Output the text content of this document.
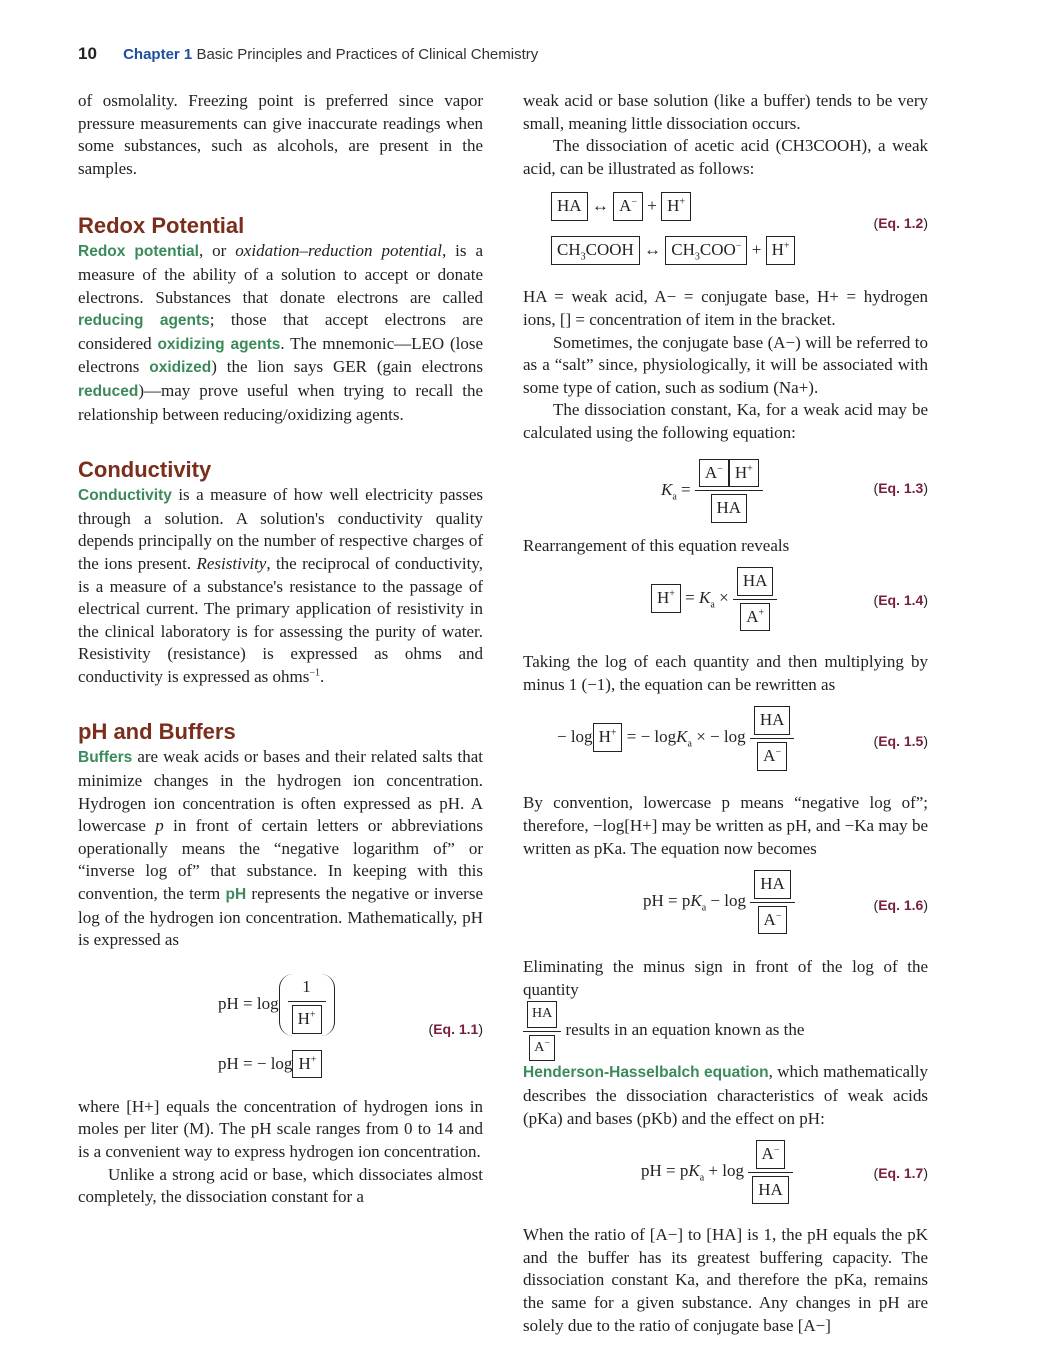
10 Chapter 1 Basic Principles and Practices of Clinical Chemistry

of osmolality. Freezing point is preferred since vapor pressure measurements can give inaccurate readings when some substances, such as alcohols, are present in the samples.

Redox Potential

Redox potential, or oxidation–reduction potential, is a measure of the ability of a solution to accept or donate electrons. Substances that donate electrons are called reducing agents; those that accept electrons are considered oxidizing agents. The mnemonic—LEO (lose electrons oxidized) the lion says GER (gain electrons reduced)—may prove useful when trying to recall the relationship between reducing/oxidizing agents.

Conductivity

Conductivity is a measure of how well electricity passes through a solution. A solution's conductivity quality depends principally on the number of respective charges of the ions present. Resistivity, the reciprocal of conductivity, is a measure of a substance's resistance to the passage of electrical current. The primary application of resistivity in the clinical laboratory is for assessing the purity of water. Resistivity (resistance) is expressed as ohms and conductivity is expressed as ohms$^{-1}$.

pH and Buffers

Buffers are weak acids or bases and their related salts that minimize changes in the hydrogen ion concentration. Hydrogen ion concentration is often expressed as pH. A lowercase p in front of certain letters or abbreviations operationally means the “negative logarithm of” or “inverse log of” that substance. In keeping with this convention, the term pH represents the negative or inverse log of the hydrogen ion concentration. Mathematically, pH is expressed as

pH = $\log \frac{1}{H^+}$
pH = − log H+
(Eq. 1.1)

where [H+] equals the concentration of hydrogen ions in moles per liter (M). The pH scale ranges from 0 to 14 and is a convenient way to express hydrogen ion concentration.

Unlike a strong acid or base, which dissociates almost completely, the dissociation constant for a

weak acid or base solution (like a buffer) tends to be very small, meaning little dissociation occurs.

The dissociation of acetic acid (CH3COOH), a weak acid, can be illustrated as follows:

HA ↔ A− + H+
$CH_3COOH$ ↔ $CH_3COO^- + H^+$
(Eq. 1.2)

HA = weak acid, A− = conjugate base, H+ = hydrogen ions, [] = concentration of item in the bracket.

Sometimes, the conjugate base (A−) will be referred to as a “salt” since, physiologically, it will be associated with some type of cation, such as sodium (Na+).

The dissociation constant, Ka, for a weak acid may be calculated using the following equation:

$K_a = \frac{A^- H^+}{HA}$	(Eq. 1.3)

Rearrangement of this equation reveals

$H^+ = K_a \times \frac{HA}{A^+}$	(Eq. 1.4)

Taking the log of each quantity and then multiplying by minus 1 (−1), the equation can be rewritten as

− log H+ = − logK$_a$ × − $\log \frac{HA}{A^-}$	(Eq. 1.5)

By convention, lowercase p means “negative log of”; therefore, −log[H+] may be written as pH, and −Ka may be written as pKa. The equation now becomes

pH = $pK_a - \log \frac{HA}{A^-}$	(Eq. 1.6)

Eliminating the minus sign in front of the log of the quantity

$\frac{HA}{A^-}$ results in an equation known as the

Henderson-Hasselbalch equation, which mathematically describes the dissociation characteristics of weak acids (pKa) and bases (pKb) and the effect on pH:

pH = $pK_a + \log \frac{A^-}{HA}$	(Eq. 1.7)

When the ratio of [A−] to [HA] is 1, the pH equals the pK and the buffer has its greatest buffering capacity. The dissociation constant Ka, and therefore the pKa, remains the same for a given substance. Any changes in pH are solely due to the ratio of conjugate base [A−]
